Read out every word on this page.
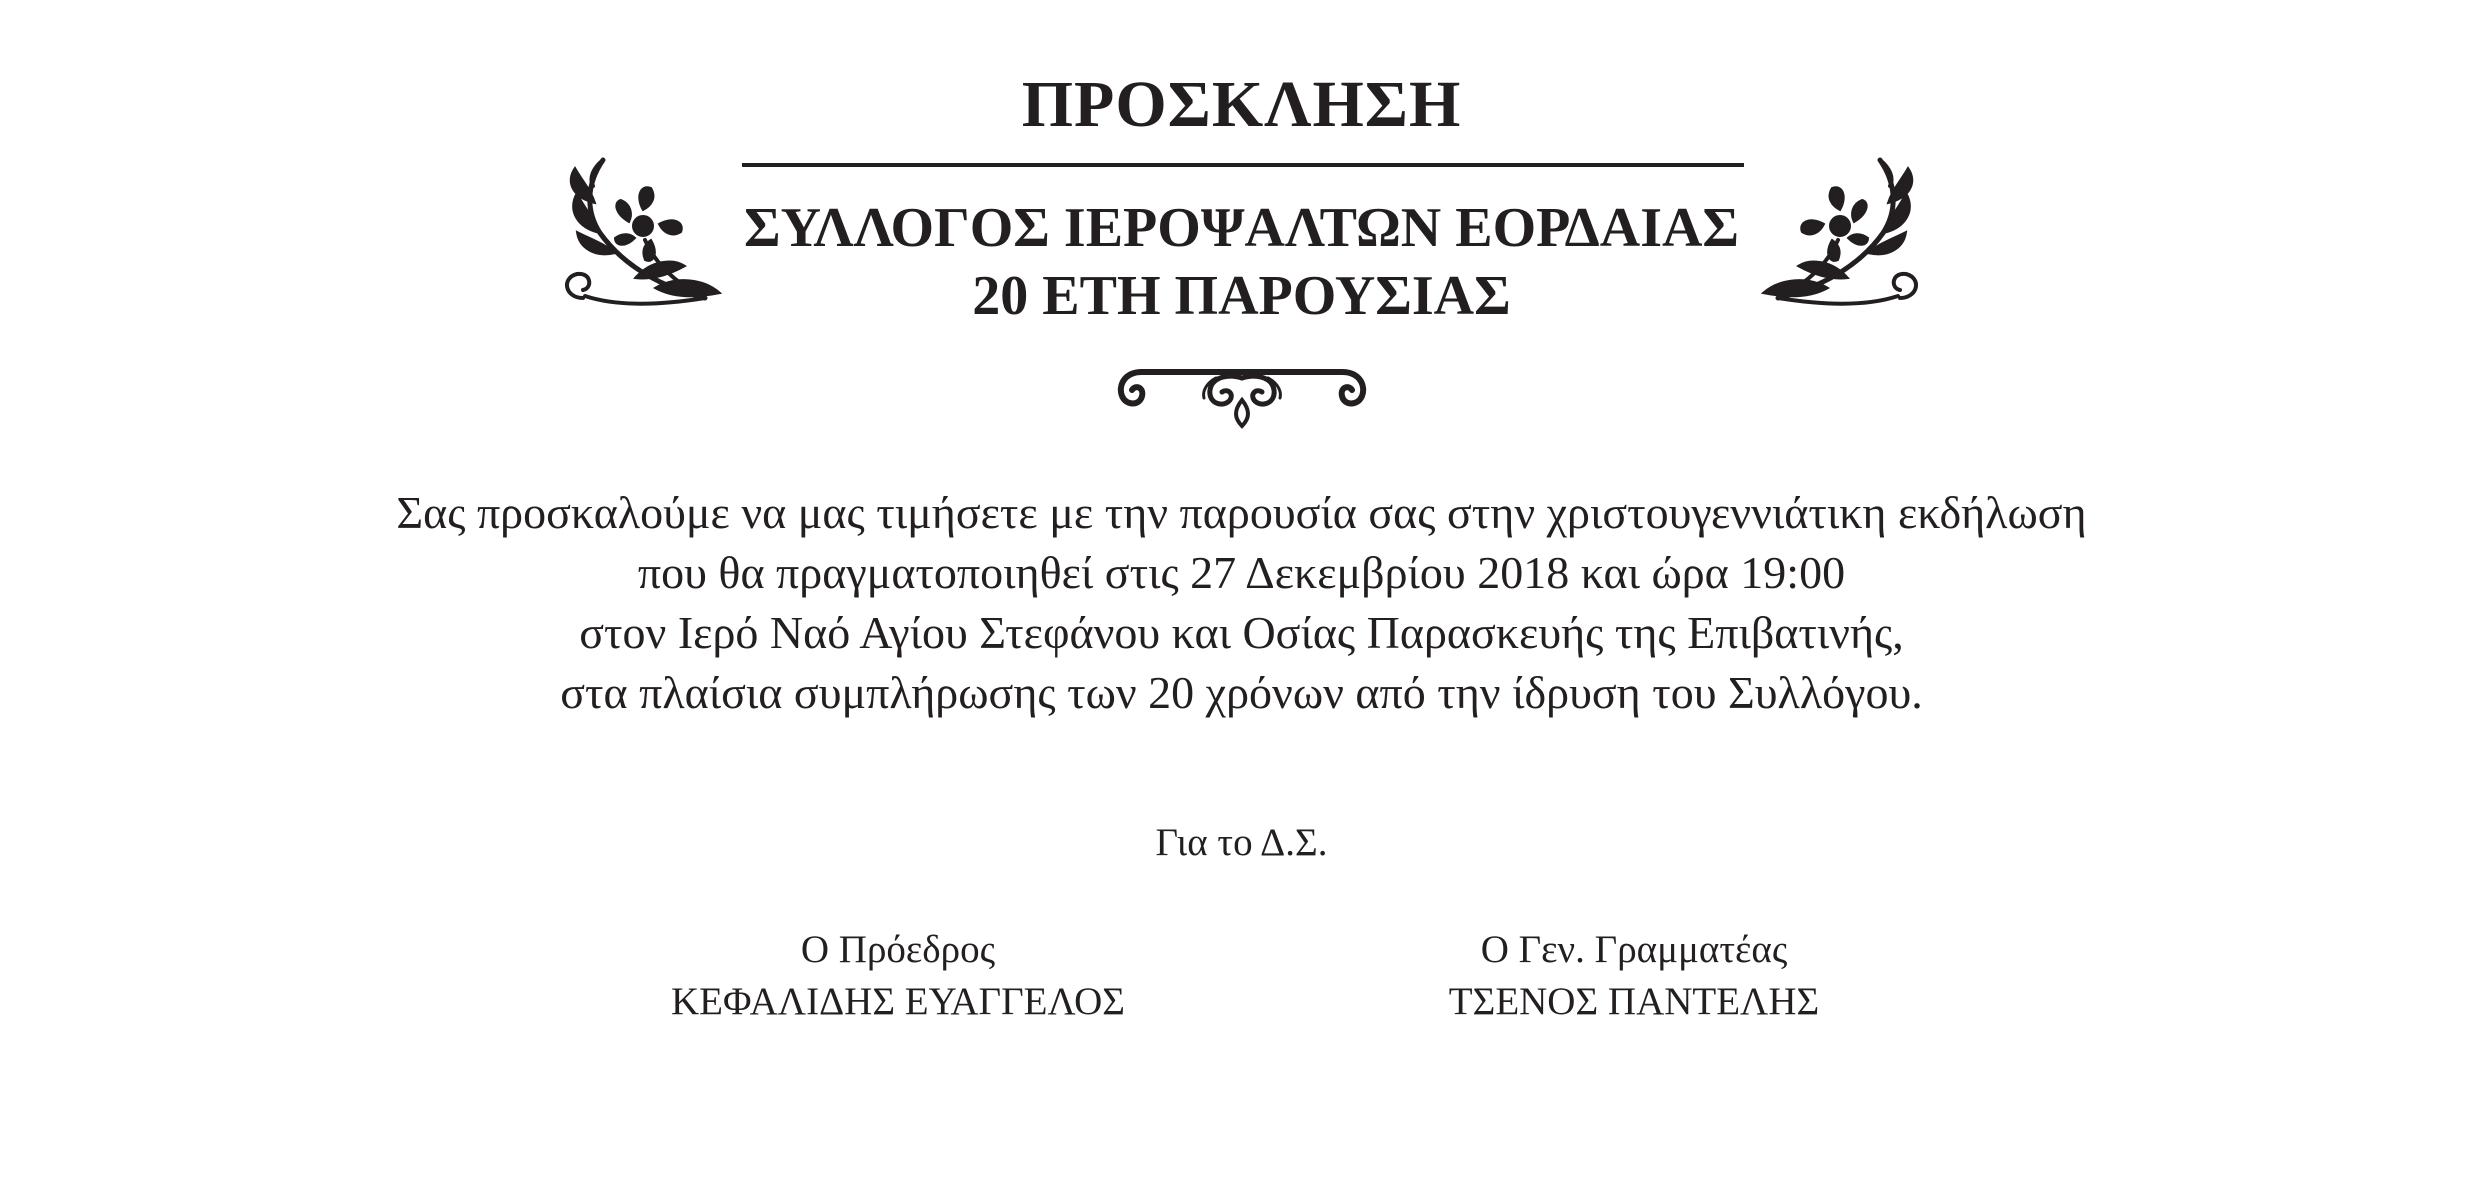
ΠΡΟΣΚΛΗΣΗ
ΣΥΛΛΟΓΟΣ ΙΕΡΟΨΑΛΤΩΝ ΕΟΡΔΑΙΑΣ
20 ΕΤΗ ΠΑΡΟΥΣΙΑΣ
Σας προσκαλούμε να μας τιμήσετε με την παρουσία σας στην χριστουγεννιάτικη εκδήλωση
που θα πραγματοποιηθεί στις 27 Δεκεμβρίου 2018 και ώρα 19:00
στον Ιερό Ναό Αγίου Στεφάνου και Οσίας Παρασκευής της Επιβατινής,
στα πλαίσια συμπλήρωσης των 20 χρόνων από την ίδρυση του Συλλόγου.
Για το Δ.Σ.
Ο Πρόεδρος
ΚΕΦΑΛΙΔΗΣ ΕΥΑΓΓΕΛΟΣ
Ο Γεν. Γραμματέας
ΤΣΕΝΟΣ ΠΑΝΤΕΛΗΣ
